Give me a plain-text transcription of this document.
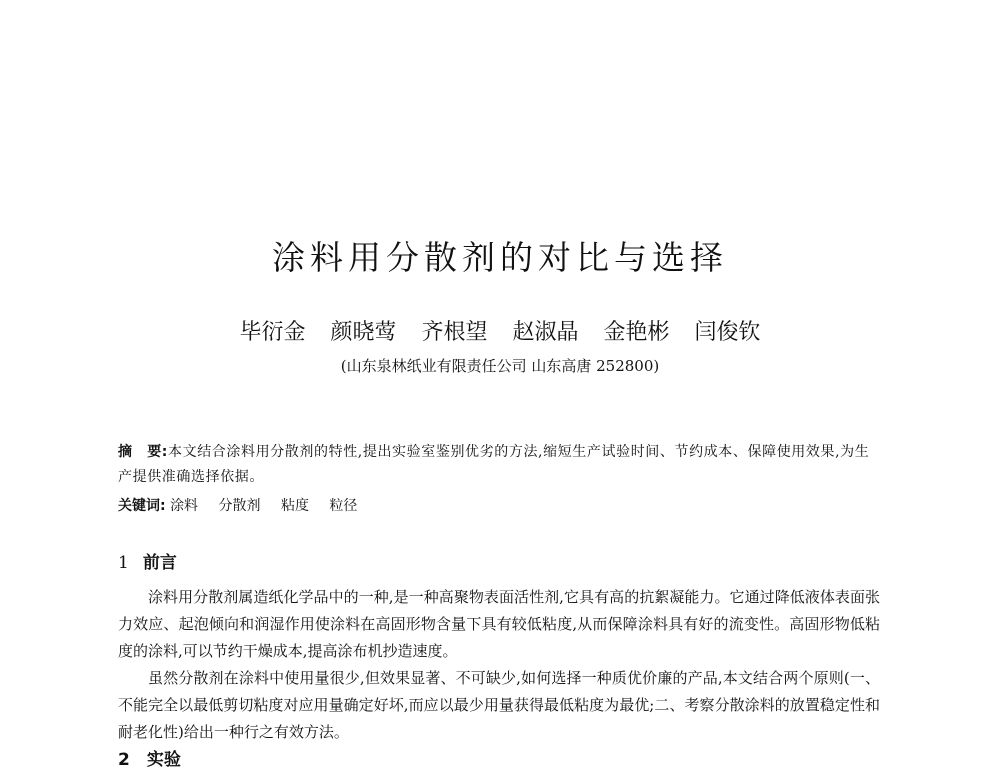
涂料用分散剂的对比与选择
毕衍金 颜晓莺 齐根望 赵淑晶 金艳彬 闫俊钦
(山东泉林纸业有限责任公司 山东高唐 252800)
摘　要:本文结合涂料用分散剂的特性,提出实验室鉴别优劣的方法,缩短生产试验时间、节约成本、保障使用效果,为生产提供准确选择依据。
关键词: 涂料 分散剂 粘度 粒径
1 前言

涂料用分散剂属造纸化学品中的一种,是一种高聚物表面活性剂,它具有高的抗絮凝能力。它通过降低液体表面张力效应、起泡倾向和润湿作用使涂料在高固形物含量下具有较低粘度,从而保障涂料具有好的流变性。高固形物低粘度的涂料,可以节约干燥成本,提高涂布机抄造速度。

虽然分散剂在涂料中使用量很少,但效果显著、不可缺少,如何选择一种质优价廉的产品,本文结合两个原则(一、不能完全以最低剪切粘度对应用量确定好坏,而应以最少用量获得最低粘度为最优;二、考察分散涂料的放置稳定性和耐老化性)给出一种行之有效方法。

2　实验
